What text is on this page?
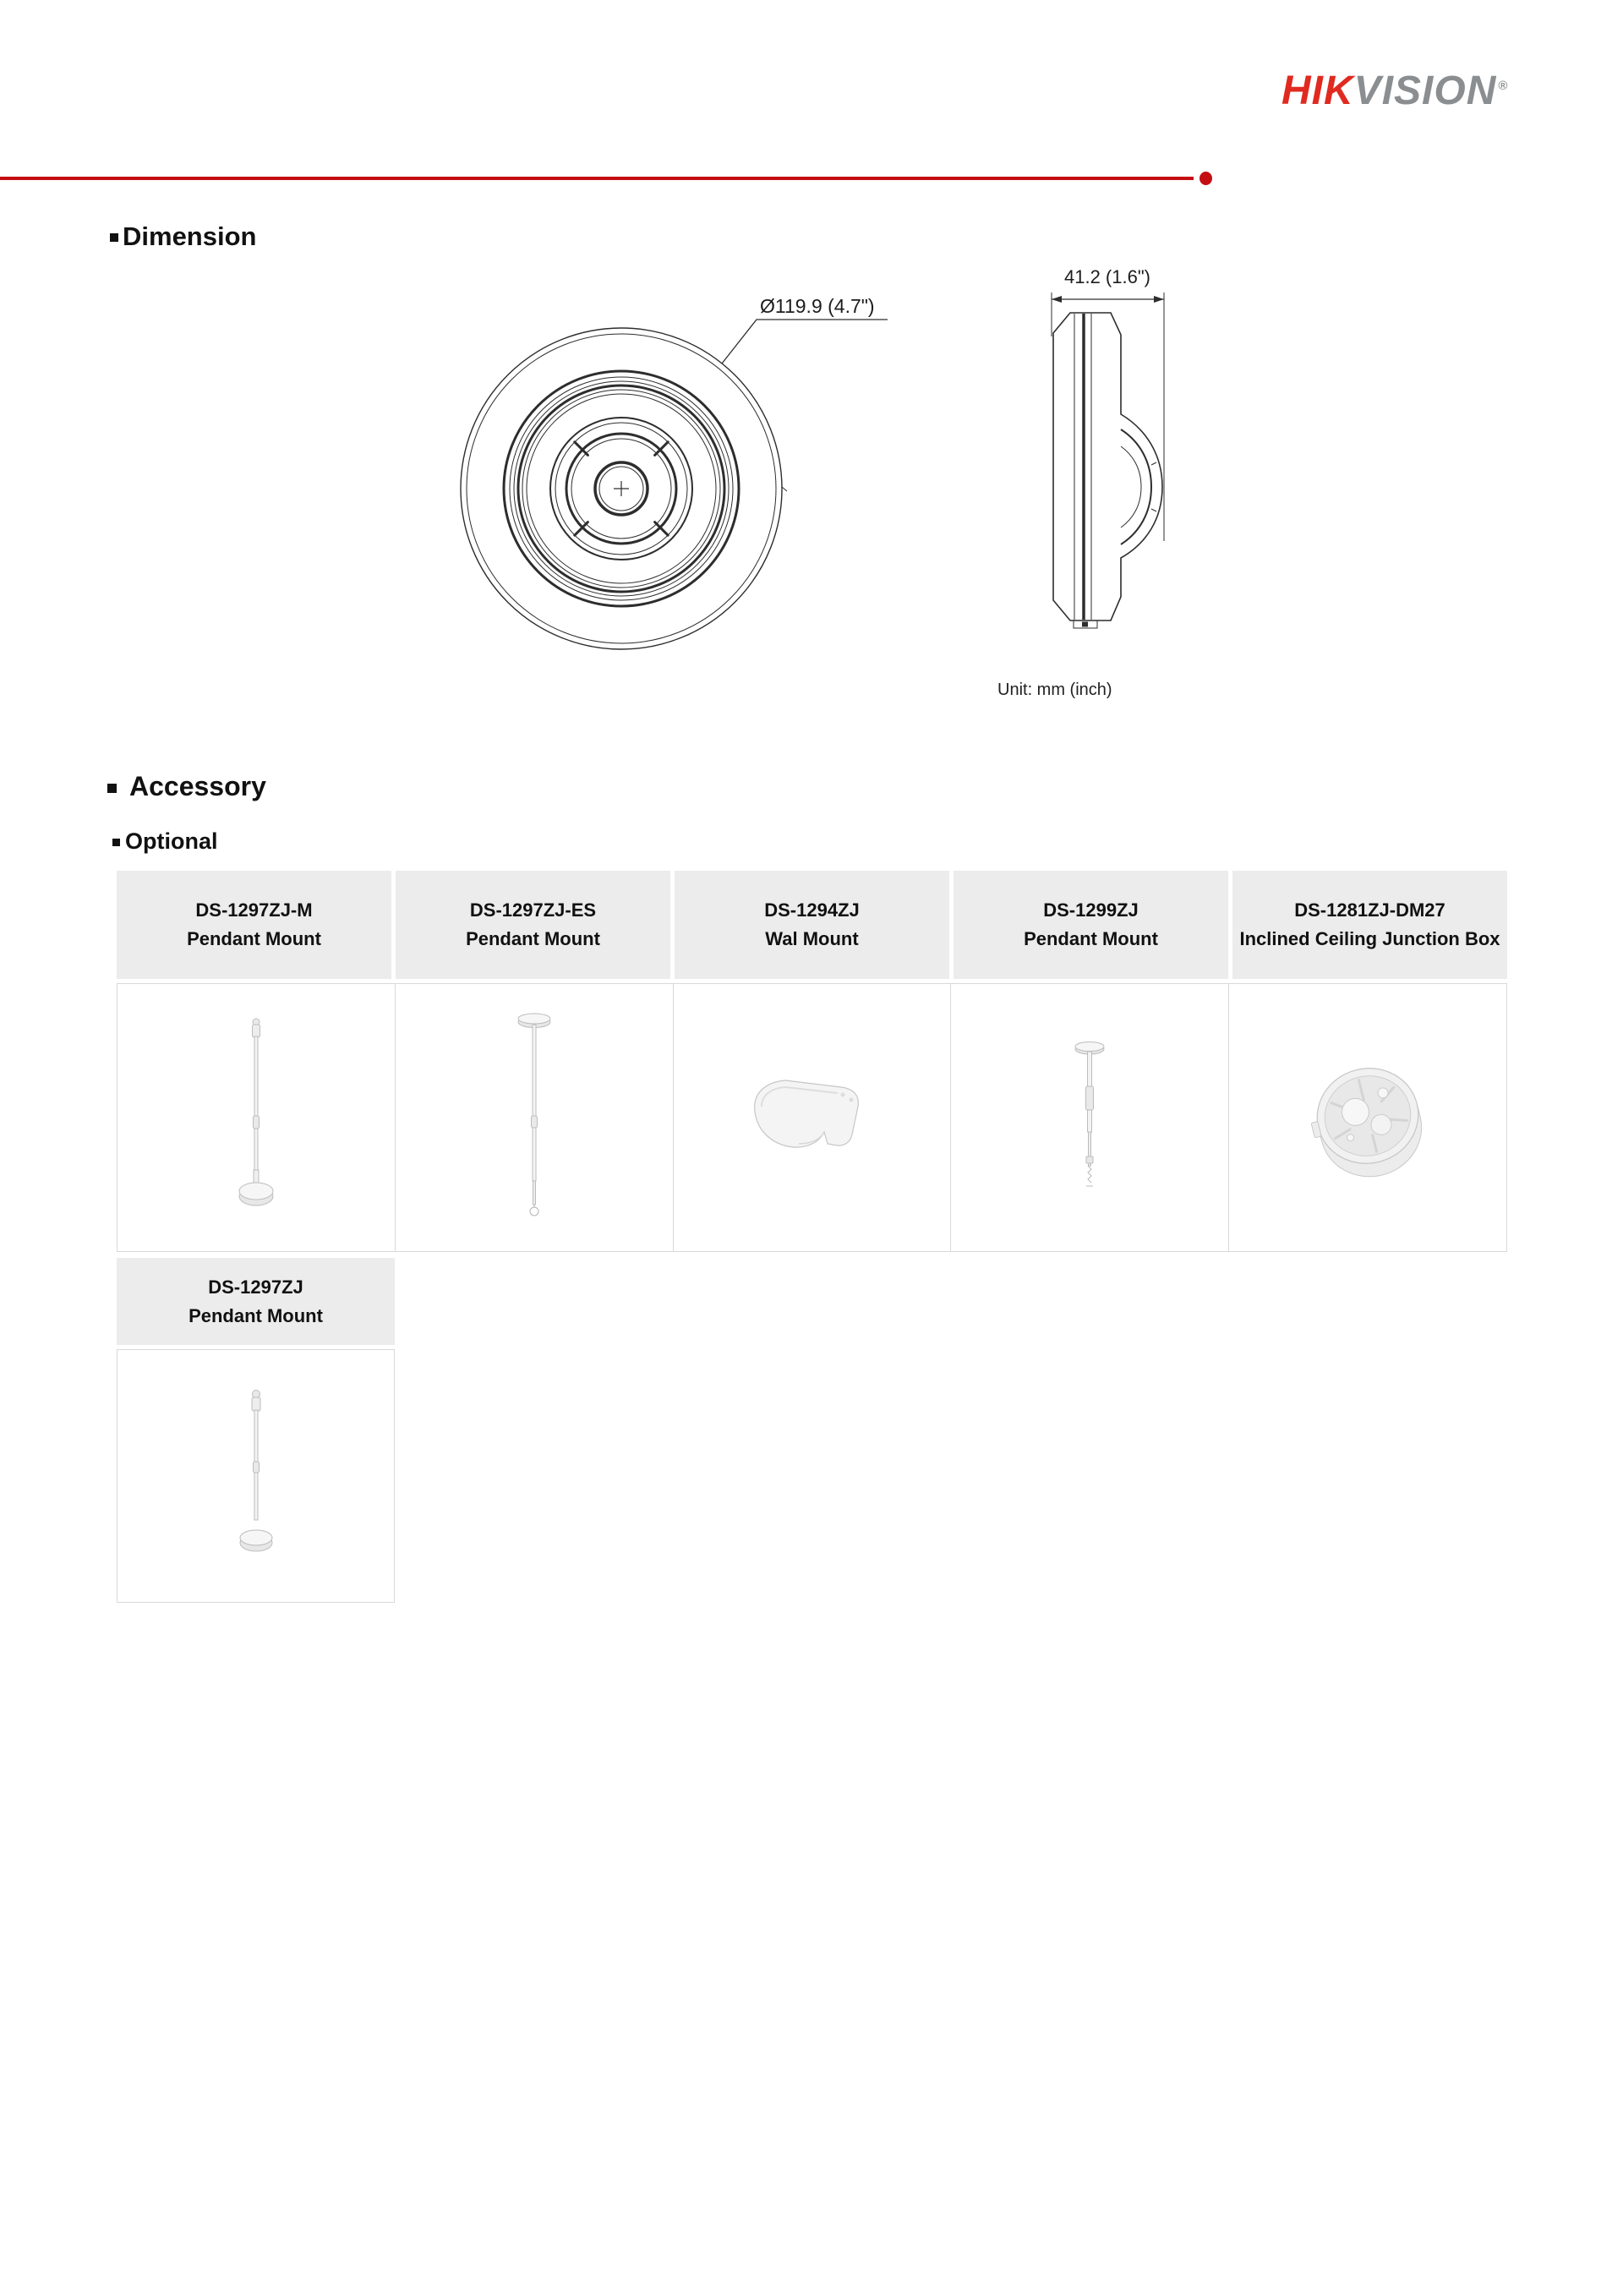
HIKVISION ®
Dimension
Ø119.9 (4.7")
41.2 (1.6")
Unit: mm (inch)
Accessory
Optional
DS-1297ZJ-M
Pendant Mount
DS-1297ZJ-ES
Pendant Mount
DS-1294ZJ
Wal Mount
DS-1299ZJ
Pendant Mount
DS-1281ZJ-DM27
Inclined Ceiling Junction Box
DS-1297ZJ
Pendant Mount
